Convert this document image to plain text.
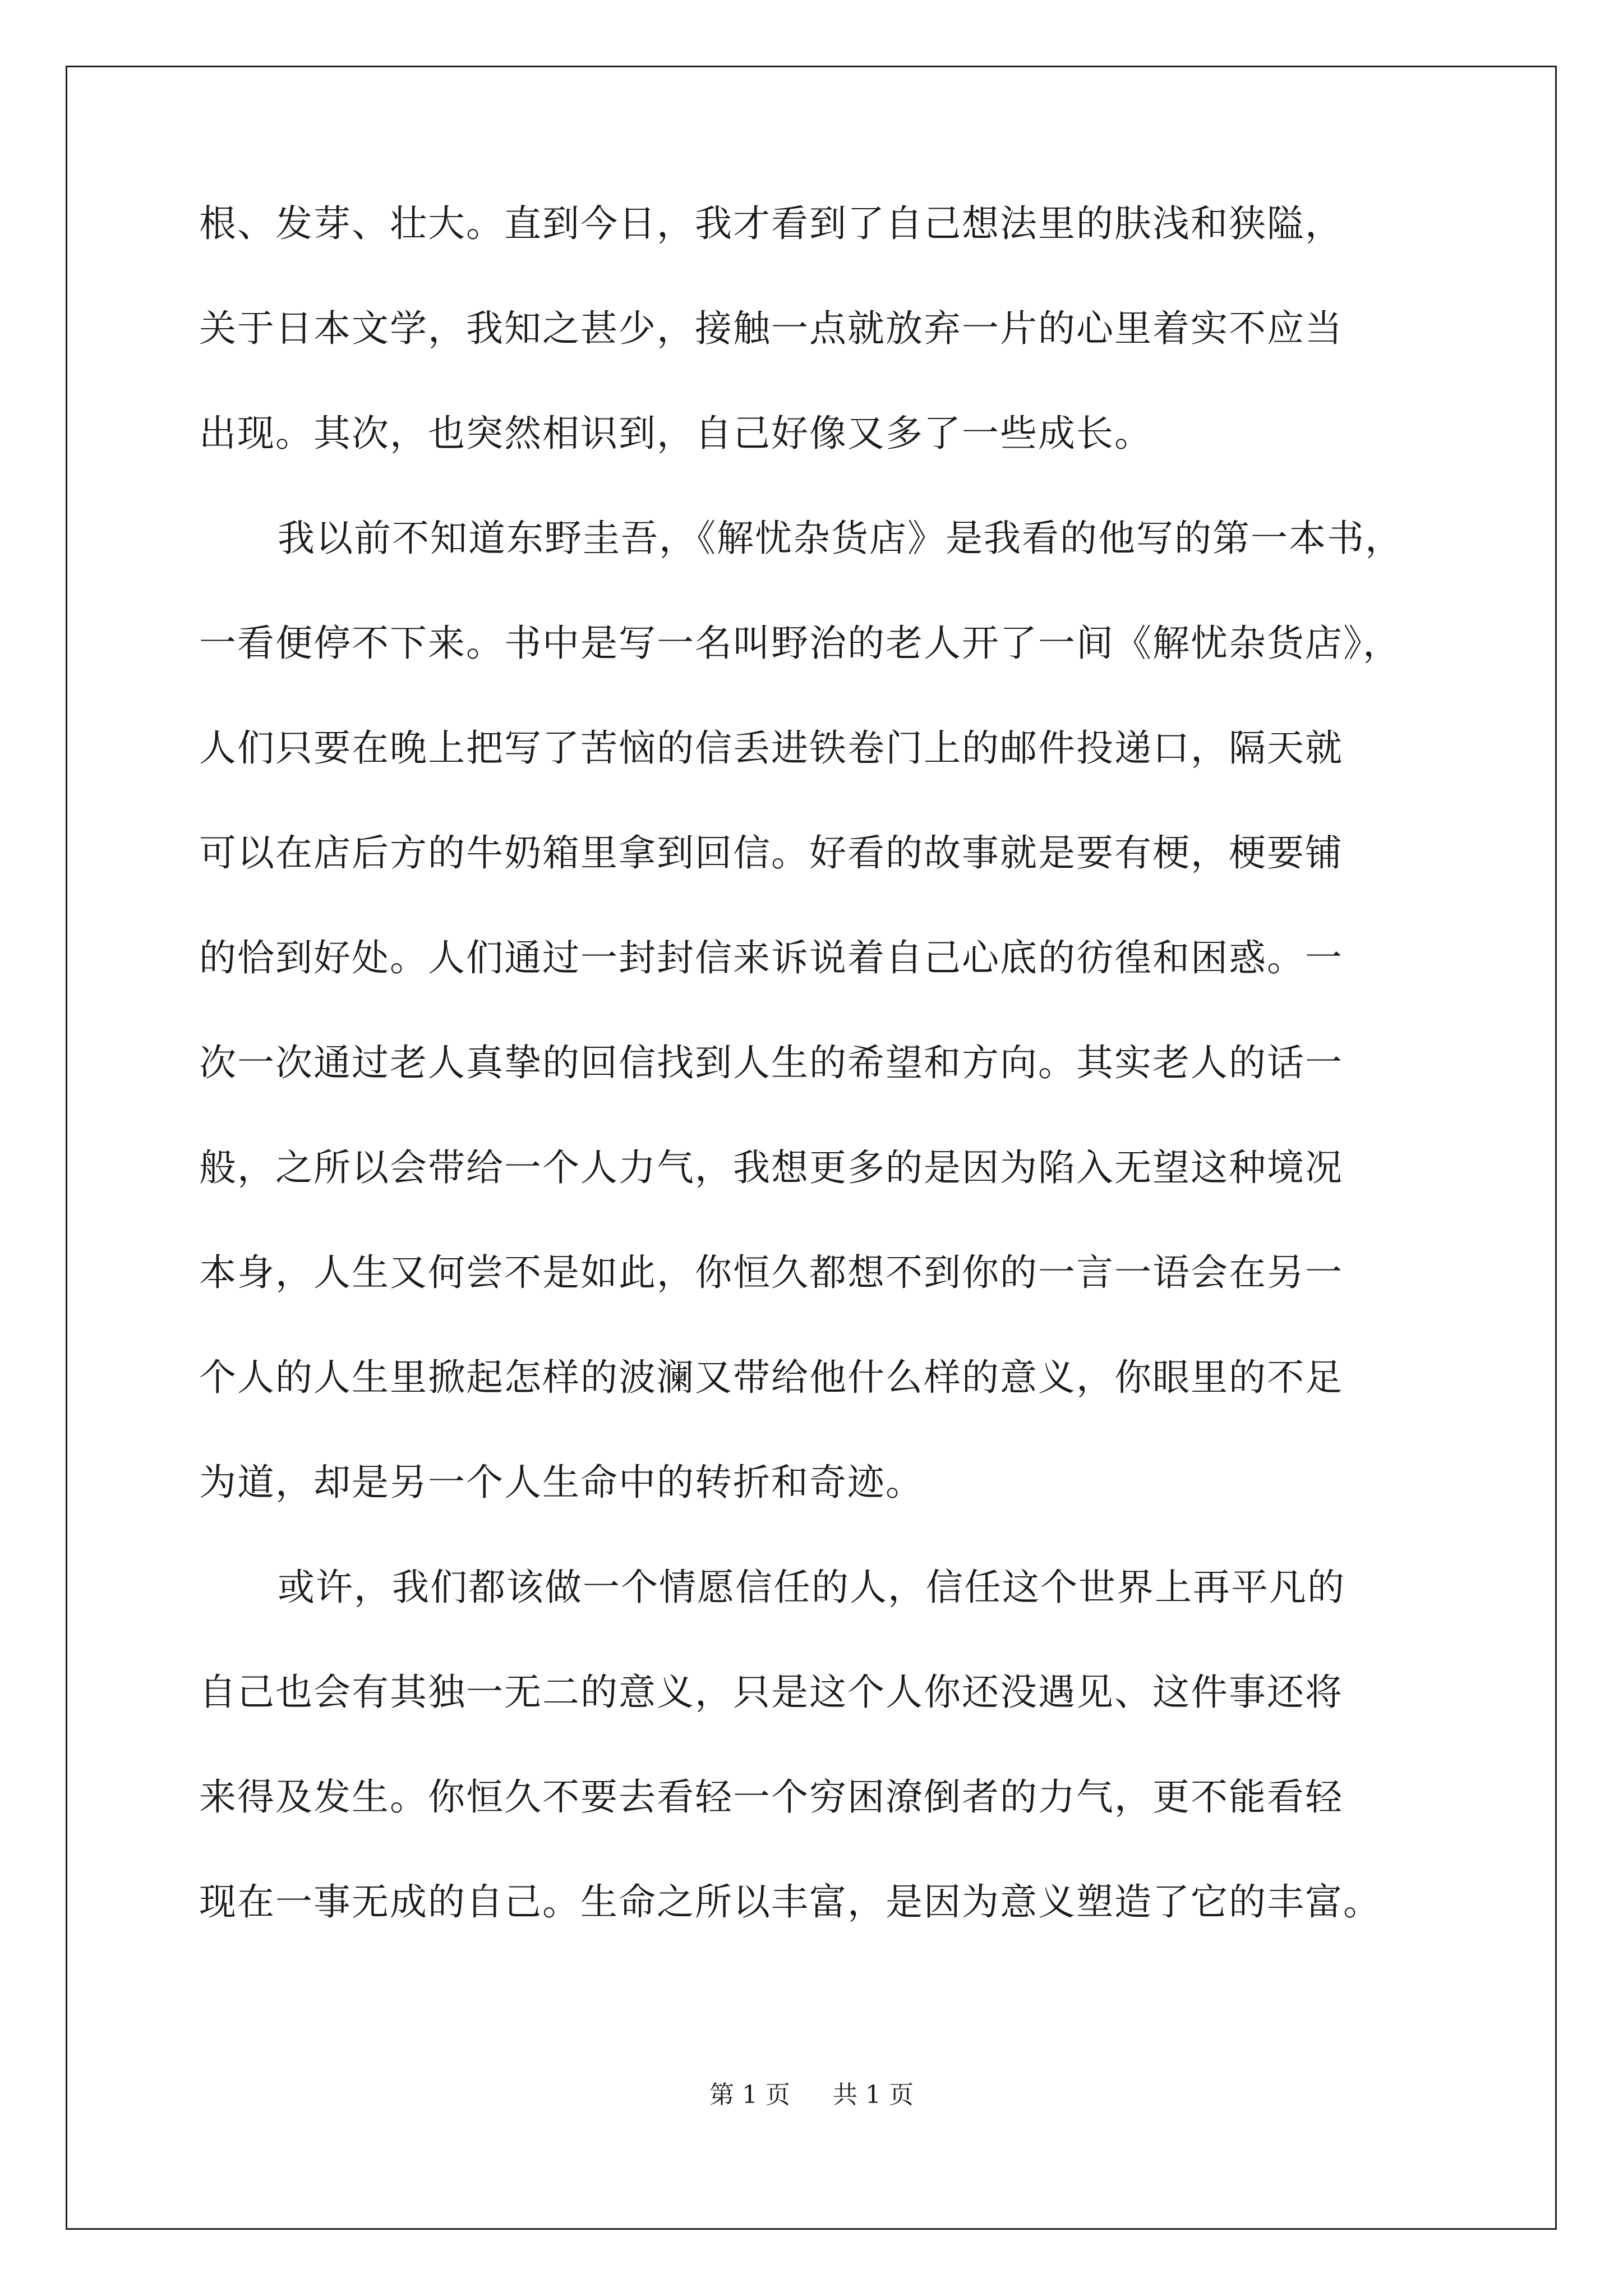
根、发芽、壮大。直到今日，我才看到了自己想法里的肤浅和狭隘，
关于日本文学，我知之甚少，接触一点就放弃一片的心里着实不应当
出现。其次，也突然相识到，自己好像又多了一些成长。
我以前不知道东野圭吾，《解忧杂货店》是我看的他写的第一本书，
一看便停不下来。书中是写一名叫野治的老人开了一间《解忧杂货店》，
人们只要在晚上把写了苦恼的信丢进铁卷门上的邮件投递口，隔天就
可以在店后方的牛奶箱里拿到回信。好看的故事就是要有梗，梗要铺
的恰到好处。人们通过一封封信来诉说着自己心底的彷徨和困惑。一
次一次通过老人真挚的回信找到人生的希望和方向。其实老人的话一
般，之所以会带给一个人力气，我想更多的是因为陷入无望这种境况
本身，人生又何尝不是如此，你恒久都想不到你的一言一语会在另一
个人的人生里掀起怎样的波澜又带给他什么样的意义，你眼里的不足
为道，却是另一个人生命中的转折和奇迹。
或许，我们都该做一个情愿信任的人，信任这个世界上再平凡的
自己也会有其独一无二的意义，只是这个人你还没遇见、这件事还将
来得及发生。你恒久不要去看轻一个穷困潦倒者的力气，更不能看轻
现在一事无成的自己。生命之所以丰富，是因为意义塑造了它的丰富。
第 1 页 共 1 页
